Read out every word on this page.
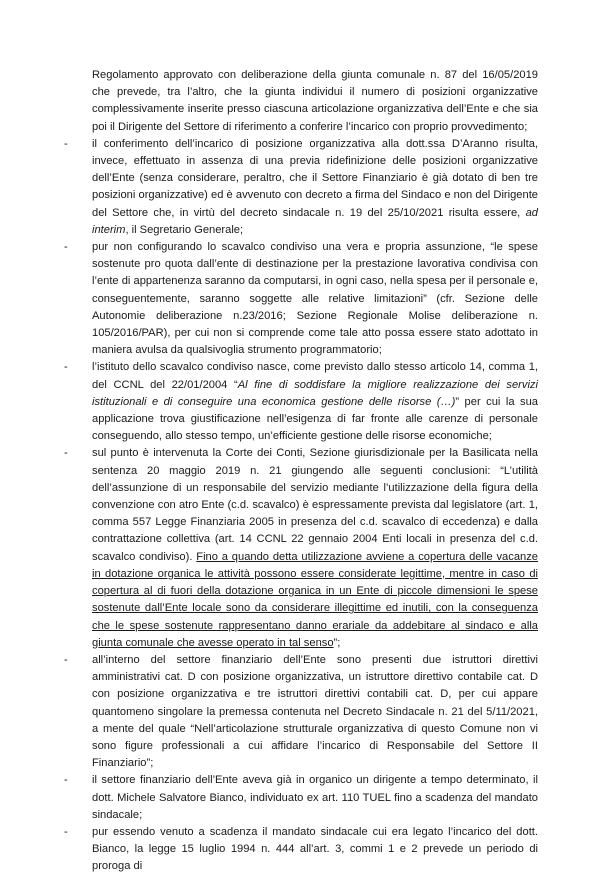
Regolamento approvato con deliberazione della giunta comunale n. 87 del 16/05/2019 che prevede, tra l’altro, che la giunta individui il numero di posizioni organizzative complessivamente inserite presso ciascuna articolazione organizzativa dell’Ente e che sia poi il Dirigente del Settore di riferimento a conferire l’incarico con proprio provvedimento;

-	il conferimento dell’incarico di posizione organizzativa alla dott.ssa D’Aranno risulta, invece, effettuato in assenza di una previa ridefinizione delle posizioni organizzative dell’Ente (senza considerare, peraltro, che il Settore Finanziario è già dotato di ben tre posizioni organizzative) ed è avvenuto con decreto a firma del Sindaco e non del Dirigente del Settore che, in virtù del decreto sindacale n. 19 del 25/10/2021 risulta essere, ad interim, il Segretario Generale;

-	pur non configurando lo scavalco condiviso una vera e propria assunzione, “le spese sostenute pro quota dall’ente di destinazione per la prestazione lavorativa condivisa con l’ente di appartenenza saranno da computarsi, in ogni caso, nella spesa per il personale e, conseguentemente, saranno soggette alle relative limitazioni” (cfr. Sezione delle Autonomie deliberazione n.23/2016; Sezione Regionale Molise deliberazione n. 105/2016/PAR), per cui non si comprende come tale atto possa essere stato adottato in maniera avulsa da qualsivoglia strumento programmatorio;

-	l’istituto dello scavalco condiviso nasce, come previsto dallo stesso articolo 14, comma 1, del CCNL del 22/01/2004 “Al fine di soddisfare la migliore realizzazione dei servizi istituzionali e di conseguire una economica gestione delle risorse (…)” per cui la sua applicazione trova giustificazione nell’esigenza di far fronte alle carenze di personale conseguendo, allo stesso tempo, un’efficiente gestione delle risorse economiche;

-	sul punto è intervenuta la Corte dei Conti, Sezione giurisdizionale per la Basilicata nella sentenza 20 maggio 2019 n. 21 giungendo alle seguenti conclusioni: “L’utilità dell’assunzione di un responsabile del servizio mediante l’utilizzazione della figura della convenzione con atro Ente (c.d. scavalco) è espressamente prevista dal legislatore (art. 1, comma 557 Legge Finanziaria 2005 in presenza del c.d. scavalco di eccedenza) e dalla contrattazione collettiva (art. 14 CCNL 22 gennaio 2004 Enti locali in presenza del c.d. scavalco condiviso). Fino a quando detta utilizzazione avviene a copertura delle vacanze in dotazione organica le attività possono essere considerate legittime, mentre in caso di copertura al di fuori della dotazione organica in un Ente di piccole dimensioni le spese sostenute dall’Ente locale sono da considerare illegittime ed inutili, con la conseguenza che le spese sostenute rappresentano danno erariale da addebitare al sindaco e alla giunta comunale che avesse operato in tal senso”;

-	all’interno del settore finanziario dell’Ente sono presenti due istruttori direttivi amministrativi cat. D con posizione organizzativa, un istruttore direttivo contabile cat. D con posizione organizzativa e tre istruttori direttivi contabili cat. D, per cui appare quantomeno singolare la premessa contenuta nel Decreto Sindacale n. 21 del 5/11/2021, a mente del quale “Nell’articolazione strutturale organizzativa di questo Comune non vi sono figure professionali a cui affidare l’incarico di Responsabile del Settore II Finanziario”;

-	il settore finanziario dell’Ente aveva già in organico un dirigente a tempo determinato, il dott. Michele Salvatore Bianco, individuato ex art. 110 TUEL fino a scadenza del mandato sindacale;

-	pur essendo venuto a scadenza il mandato sindacale cui era legato l’incarico del dott. Bianco, la legge 15 luglio 1994 n. 444 all’art. 3, commi 1 e 2 prevede un periodo di proroga di
